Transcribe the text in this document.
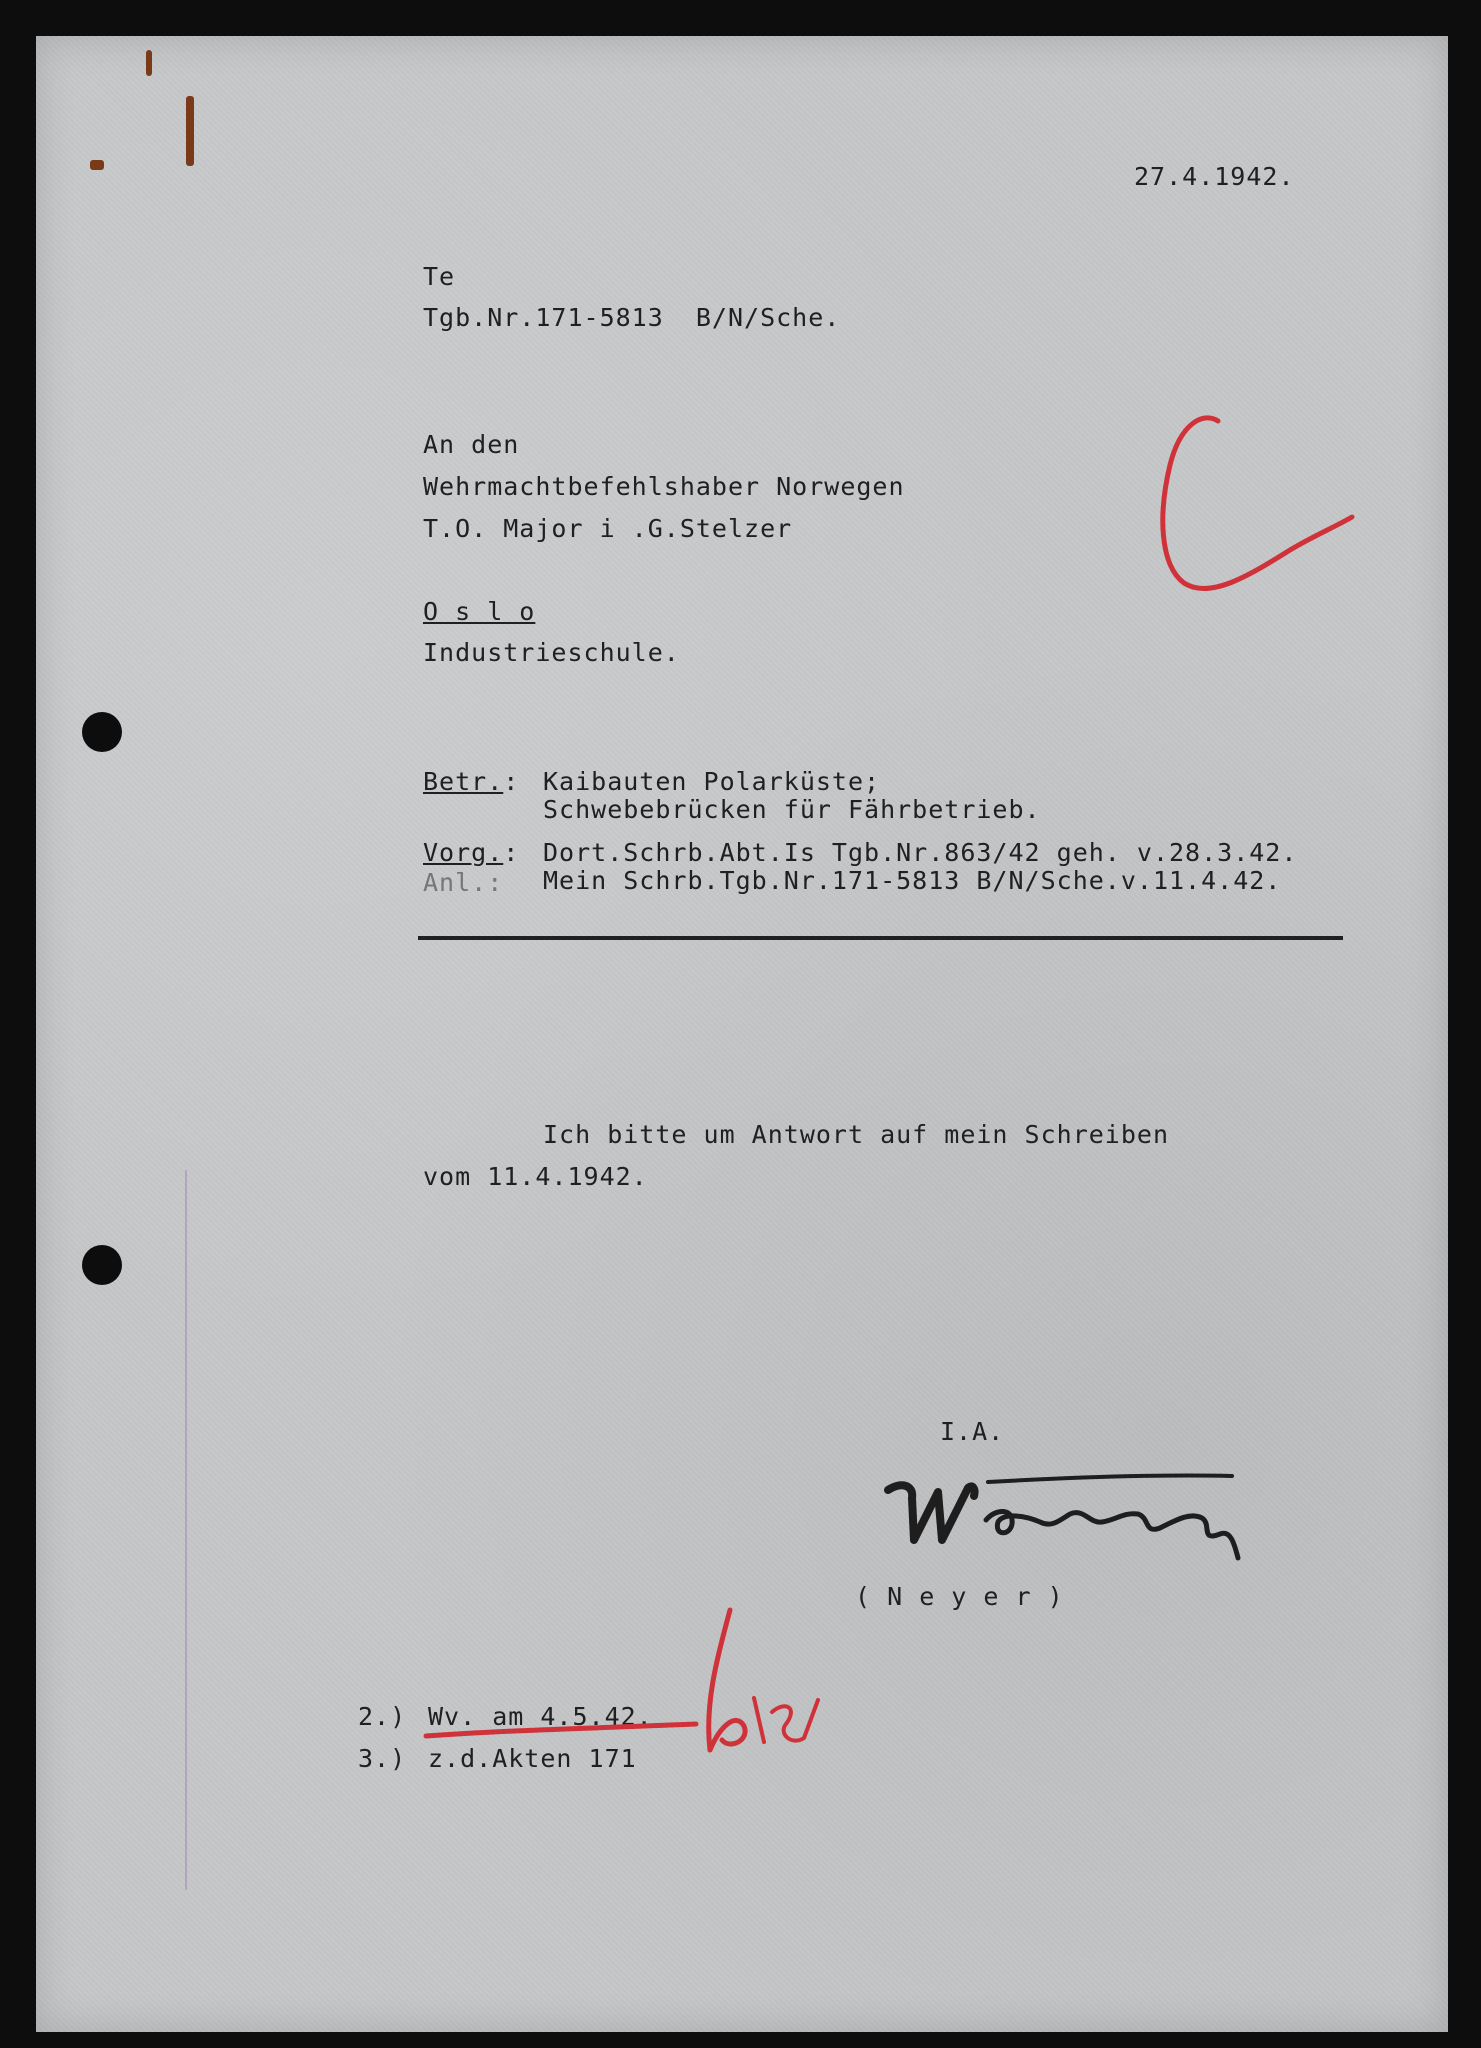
27.4.1942.

Te

Tgb.Nr.171-5813  B/N/Sche.

An den

Wehrmachtbefehlshaber Norwegen

T.O. Major i .G.Stelzer

O s l o

Industrieschule.

Betr.: Kaibauten Polarküste;

Schwebebrücken für Fährbetrieb.

Vorg.: Dort.Schrb.Abt.Is Tgb.Nr.863/42 geh. v.28.3.42.

Anl.: Mein Schrb.Tgb.Nr.171-5813 B/N/Sche.v.11.4.42.

Ich bitte um Antwort auf mein Schreiben

vom 11.4.1942.

I.A.

( N e y e r )

2.) Wv. am 4.5.42.

3.) z.d.Akten 171
